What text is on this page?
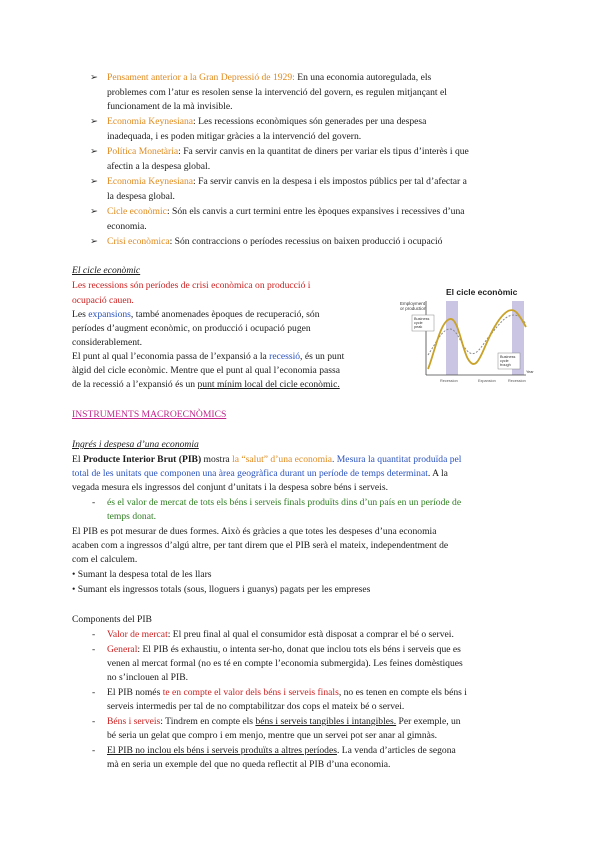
➢ Pensament anterior a la Gran Depressió de 1929: En una economia autoregulada, els
problemes com l’atur es resolen sense la intervenció del govern, es regulen mitjançant el
funcionament de la mà invisible.
➢ Economia Keynesiana: Les recessions econòmiques són generades per una despesa
inadequada, i es poden mitigar gràcies a la intervenció del govern.
➢ Política Monetària: Fa servir canvis en la quantitat de diners per variar els tipus d’interès i que
afectin a la despesa global.
➢ Economia Keynesiana: Fa servir canvis en la despesa i els impostos públics per tal d’afectar a
la despesa global.
➢ Cicle econòmic: Són els canvis a curt termini entre les èpoques expansives i recessives d’una
economia.
➢ Crisi econòmica: Són contraccions o períodes recessius on baixen producció i ocupació
El cicle econòmic
Les recessions són períodes de crisi econòmica on producció i
ocupació cauen.
Les expansions, també anomenades èpoques de recuperació, són
períodes d’augment econòmic, on producció i ocupació pugen
considerablement.
El punt al qual l’economia passa de l’expansió a la recessió, és un punt
àlgid del cicle econòmic. Mentre que el punt al qual l’economia passa
de la recessió a l’expansió és un punt mínim local del cicle econòmic.
El cicle econòmic
Employment
or production
Business
cycle
peak
Business
cycle
trough
Year
Recession	Expansion	Recession
INSTRUMENTS MACROECNÒMICS
Ingrés i despesa d’una economia
El Producte Interior Brut (PIB) mostra la “salut” d’una economia. Mesura la quantitat produïda pel
total de les unitats que componen una àrea geogràfica durant un període de temps determinat. A la
vegada mesura els ingressos del conjunt d’unitats i la despesa sobre béns i serveis.
- és el valor de mercat de tots els béns i serveis finals produïts dins d’un país en un període de
temps donat.
El PIB es pot mesurar de dues formes. Això és gràcies a que totes les despeses d’una economia
acaben com a ingressos d’algú altre, per tant direm que el PIB serà el mateix, independentment de
com el calculem.
• Sumant la despesa total de les llars
• Sumant els ingressos totals (sous, lloguers i guanys) pagats per les empreses
Components del PIB
- Valor de mercat: El preu final al qual el consumidor està disposat a comprar el bé o servei.
- General: El PIB és exhaustiu, o intenta ser-ho, donat que inclou tots els béns i serveis que es
venen al mercat formal (no es té en compte l’economia submergida). Les feines domèstiques
no s’inclouen al PIB.
- El PIB només te en compte el valor dels béns i serveis finals, no es tenen en compte els béns i
serveis intermedis per tal de no comptabilitzar dos cops el mateix bé o servei.
- Béns i serveis: Tindrem en compte els béns i serveis tangibles i intangibles. Per exemple, un
bé seria un gelat que compro i em menjo, mentre que un servei pot ser anar al gimnàs.
- El PIB no inclou els béns i serveis produïts a altres períodes. La venda d’articles de segona
mà en seria un exemple del que no queda reflectit al PIB d’una economia.
